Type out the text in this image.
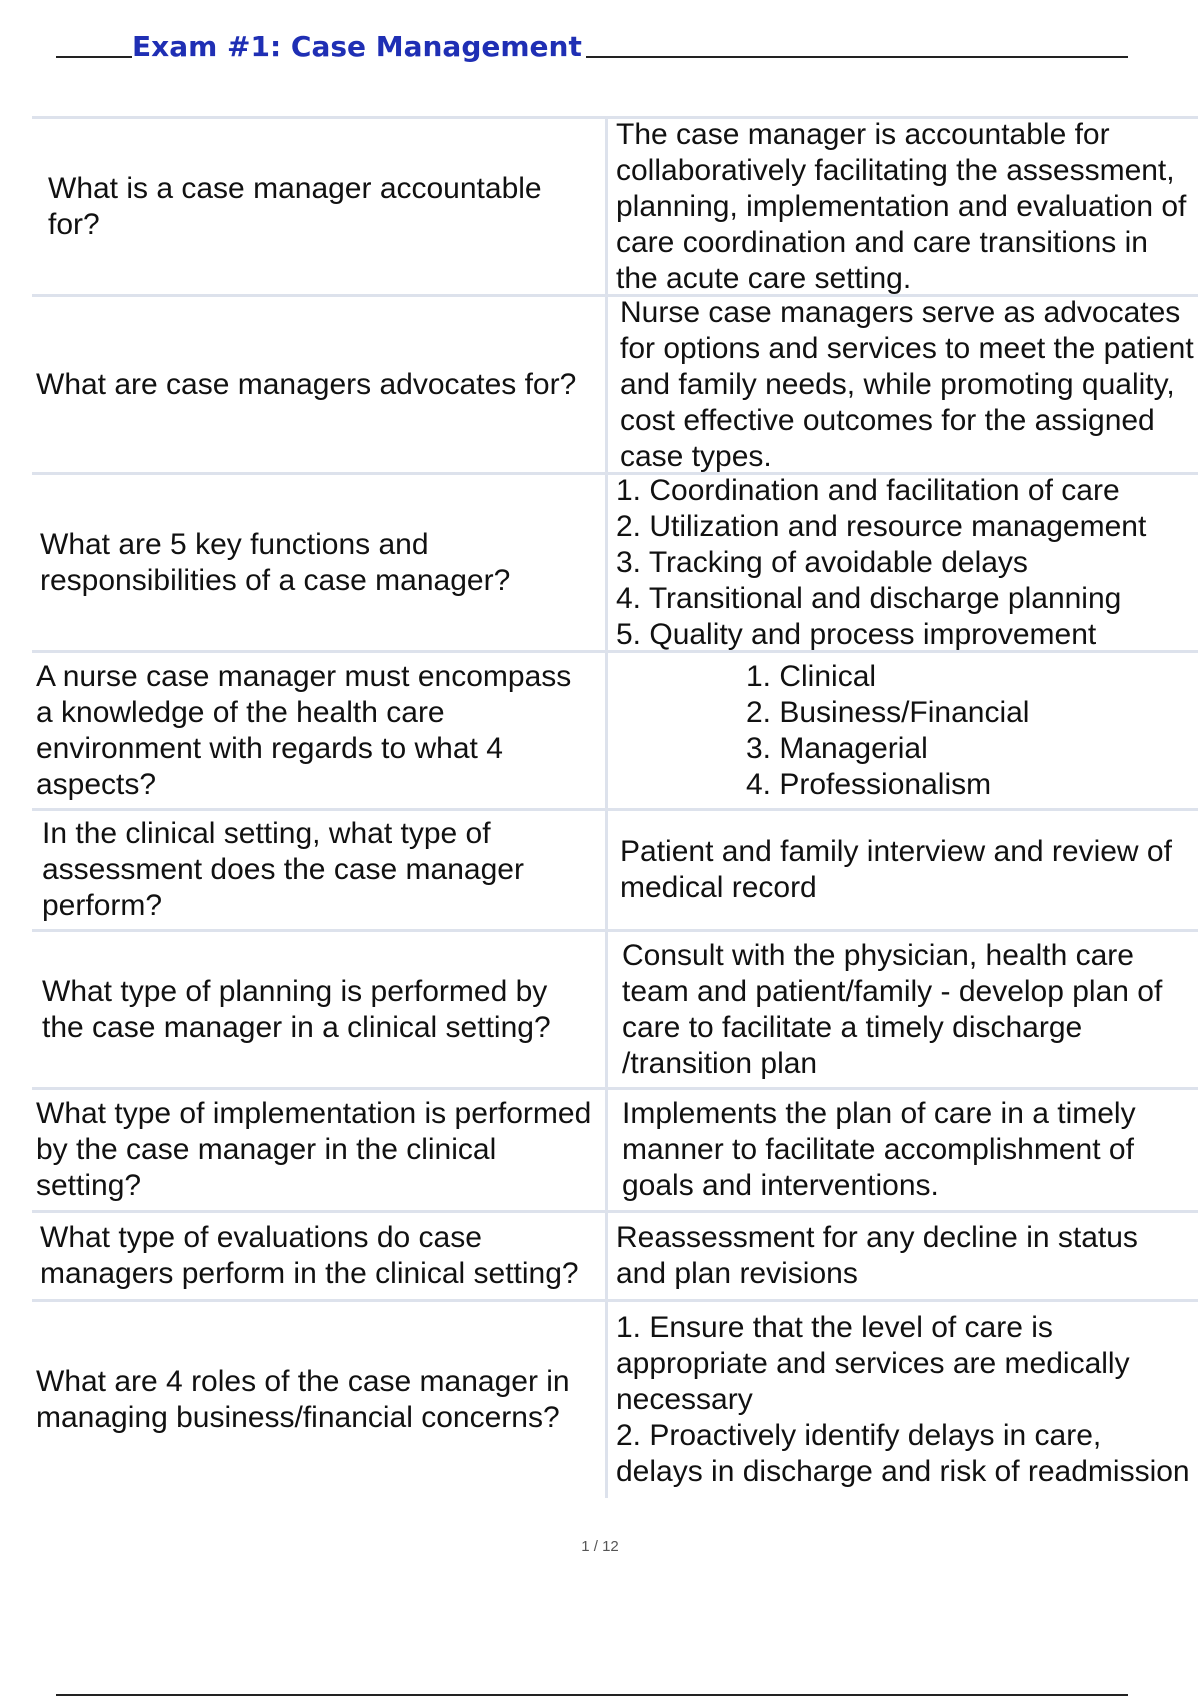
Exam #1: Case Management
What is a case manager accountable for?
The case manager is accountable for collaboratively facilitating the assessment, planning, implementation and evaluation of care coordination and care transitions in the acute care setting.
What are case managers advocates for?
Nurse case managers serve as advocates for options and services to meet the patient and family needs, while promoting quality, cost effective outcomes for the assigned case types.
What are 5 key functions and responsibilities of a case manager?
1. Coordination and facilitation of care
2. Utilization and resource management
3. Tracking of avoidable delays
4. Transitional and discharge planning
5. Quality and process improvement
A nurse case manager must encompass a knowledge of the health care environment with regards to what 4 aspects?
1. Clinical
2. Business/Financial
3. Managerial
4. Professionalism
In the clinical setting, what type of assessment does the case manager perform?
Patient and family interview and review of medical record
What type of planning is performed by the case manager in a clinical setting?
Consult with the physician, health care team and patient/family - develop plan of care to facilitate a timely discharge /transition plan
What type of implementation is performed by the case manager in the clinical setting?
Implements the plan of care in a timely manner to facilitate accomplishment of goals and interventions.
What type of evaluations do case managers perform in the clinical setting?
Reassessment for any decline in status and plan revisions
What are 4 roles of the case manager in managing business/financial concerns?
1. Ensure that the level of care is appropriate and services are medically necessary
2. Proactively identify delays in care, delays in discharge and risk of readmission
1 / 12
